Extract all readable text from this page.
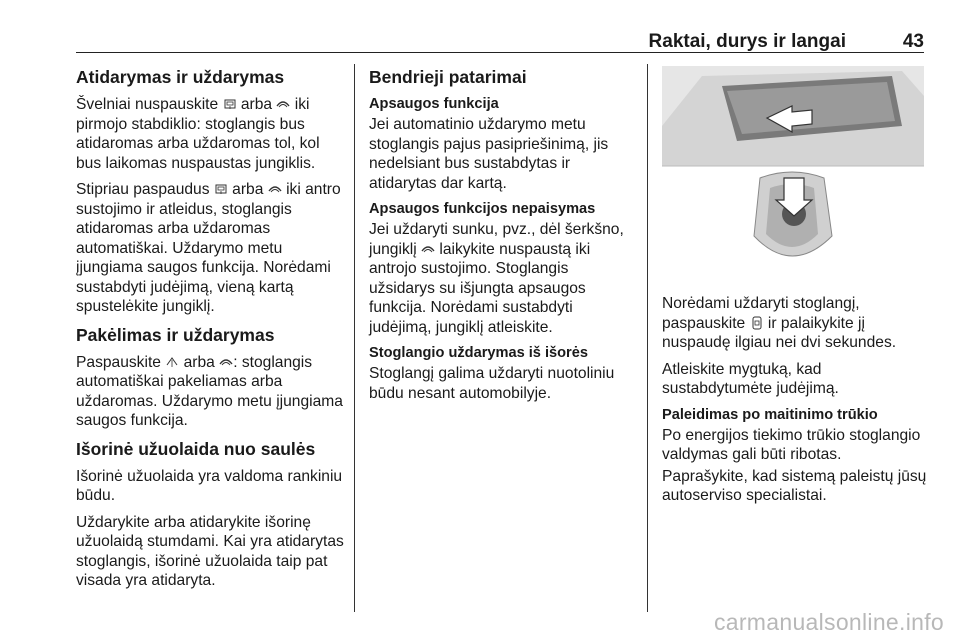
Raktai, durys ir langai	43
Atidarymas ir uždarymas

Švelniai nuspauskite  arba  iki pirmojo stabdiklio: stoglangis bus atidaromas arba uždaromas tol, kol bus laikomas nuspaustas jungiklis.

Stipriau paspaudus  arba  iki antro sustojimo ir atleidus, stoglangis atidaromas arba uždaromas automatiškai. Uždarymo metu įjungiama saugos funkcija. Norėdami sustabdyti judėjimą, vieną kartą spustelėkite jungiklį.

Pakėlimas ir uždarymas

Paspauskite  arba : stoglangis automatiškai pakeliamas arba uždaromas. Uždarymo metu įjungiama saugos funkcija.

Išorinė užuolaida nuo saulės

Išorinė užuolaida yra valdoma rankiniu būdu.

Uždarykite arba atidarykite išorinę užuolaidą stumdami. Kai yra atidarytas stoglangis, išorinė užuolaida taip pat visada yra atidaryta.

Bendrieji patarimai
Apsaugos funkcija

Jei automatinio uždarymo metu stoglangis pajus pasipriešinimą, jis nedelsiant bus sustabdytas ir atidarytas dar kartą.

Apsaugos funkcijos nepaisymas

Jei uždaryti sunku, pvz., dėl šerkšno, jungiklį  laikykite nuspaustą iki antrojo sustojimo. Stoglangis užsidarys su išjungta apsaugos funkcija. Norėdami sustabdyti judėjimą, jungiklį atleiskite.

Stoglangio uždarymas iš išorės

Stoglangį galima uždaryti nuotoliniu būdu nesant automobilyje.

Norėdami uždaryti stoglangį, paspauskite  ir palaikykite jį nuspaudę ilgiau nei dvi sekundes.

Atleiskite mygtuką, kad sustabdytumėte judėjimą.

Paleidimas po maitinimo trūkio

Po energijos tiekimo trūkio stoglangio valdymas gali būti ribotas.

Paprašykite, kad sistemą paleistų jūsų autoserviso specialistai.

carmanualsonline.info
